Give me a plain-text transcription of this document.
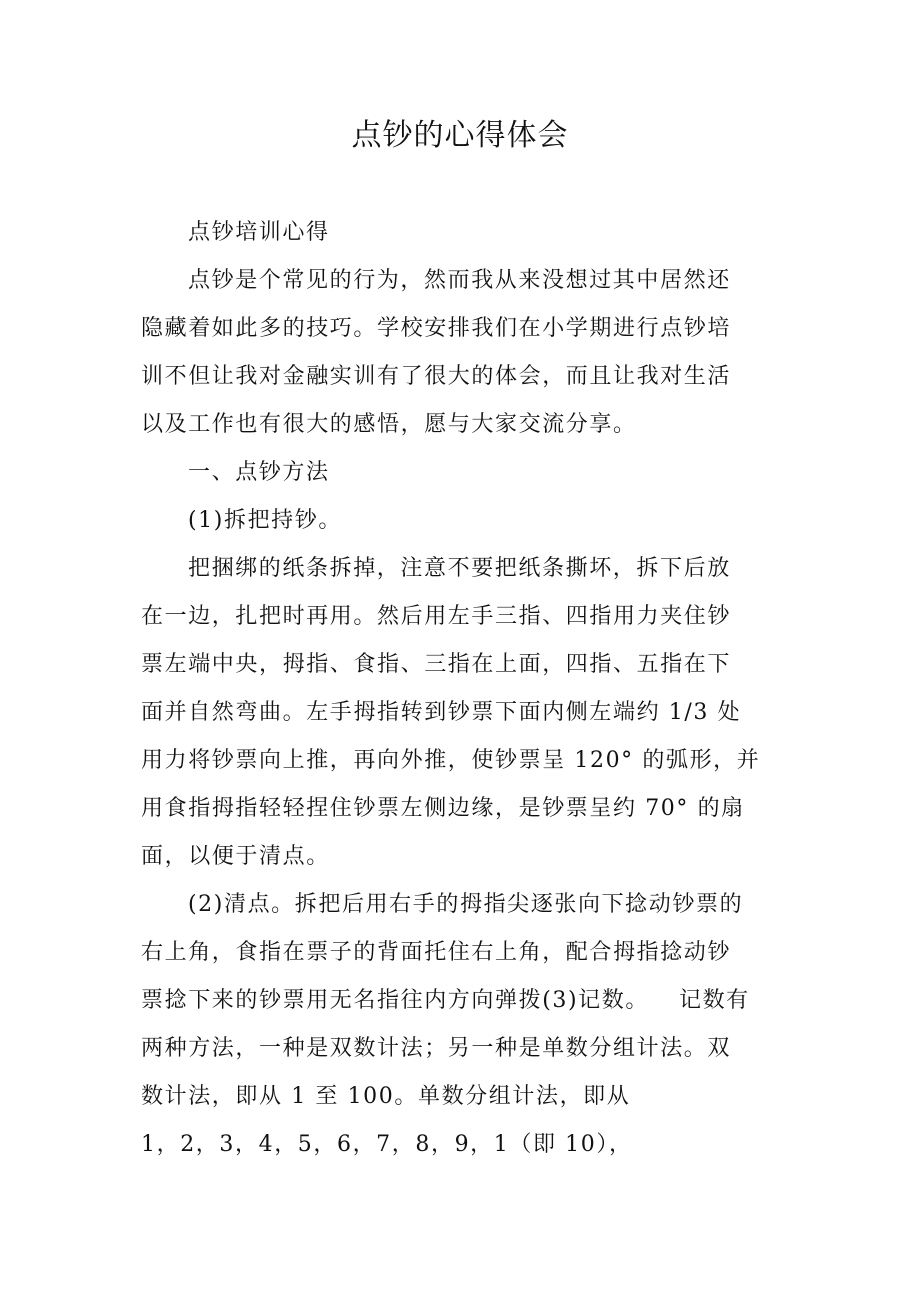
点钞的心得体会
点钞培训心得
点钞是个常见的行为，然而我从来没想过其中居然还
隐藏着如此多的技巧。学校安排我们在小学期进行点钞培
训不但让我对金融实训有了很大的体会，而且让我对生活
以及工作也有很大的感悟，愿与大家交流分享。
一、点钞方法
(1)拆把持钞。
把捆绑的纸条拆掉，注意不要把纸条撕坏，拆下后放
在一边，扎把时再用。然后用左手三指、四指用力夹住钞
票左端中央，拇指、食指、三指在上面，四指、五指在下
面并自然弯曲。左手拇指转到钞票下面内侧左端约 1/3 处
用力将钞票向上推，再向外推，使钞票呈 120° 的弧形，并
用食指拇指轻轻捏住钞票左侧边缘，是钞票呈约 70° 的扇
面，以便于清点。
(2)清点。拆把后用右手的拇指尖逐张向下捻动钞票的
右上角，食指在票子的背面托住右上角，配合拇指捻动钞
票捻下来的钞票用无名指往内方向弹拨(3)记数。 记数有
两种方法，一种是双数计法；另一种是单数分组计法。双
数计法，即从 1 至 100。单数分组计法，即从
1，2，3，4，5，6，7，8，9，1（即 10），
